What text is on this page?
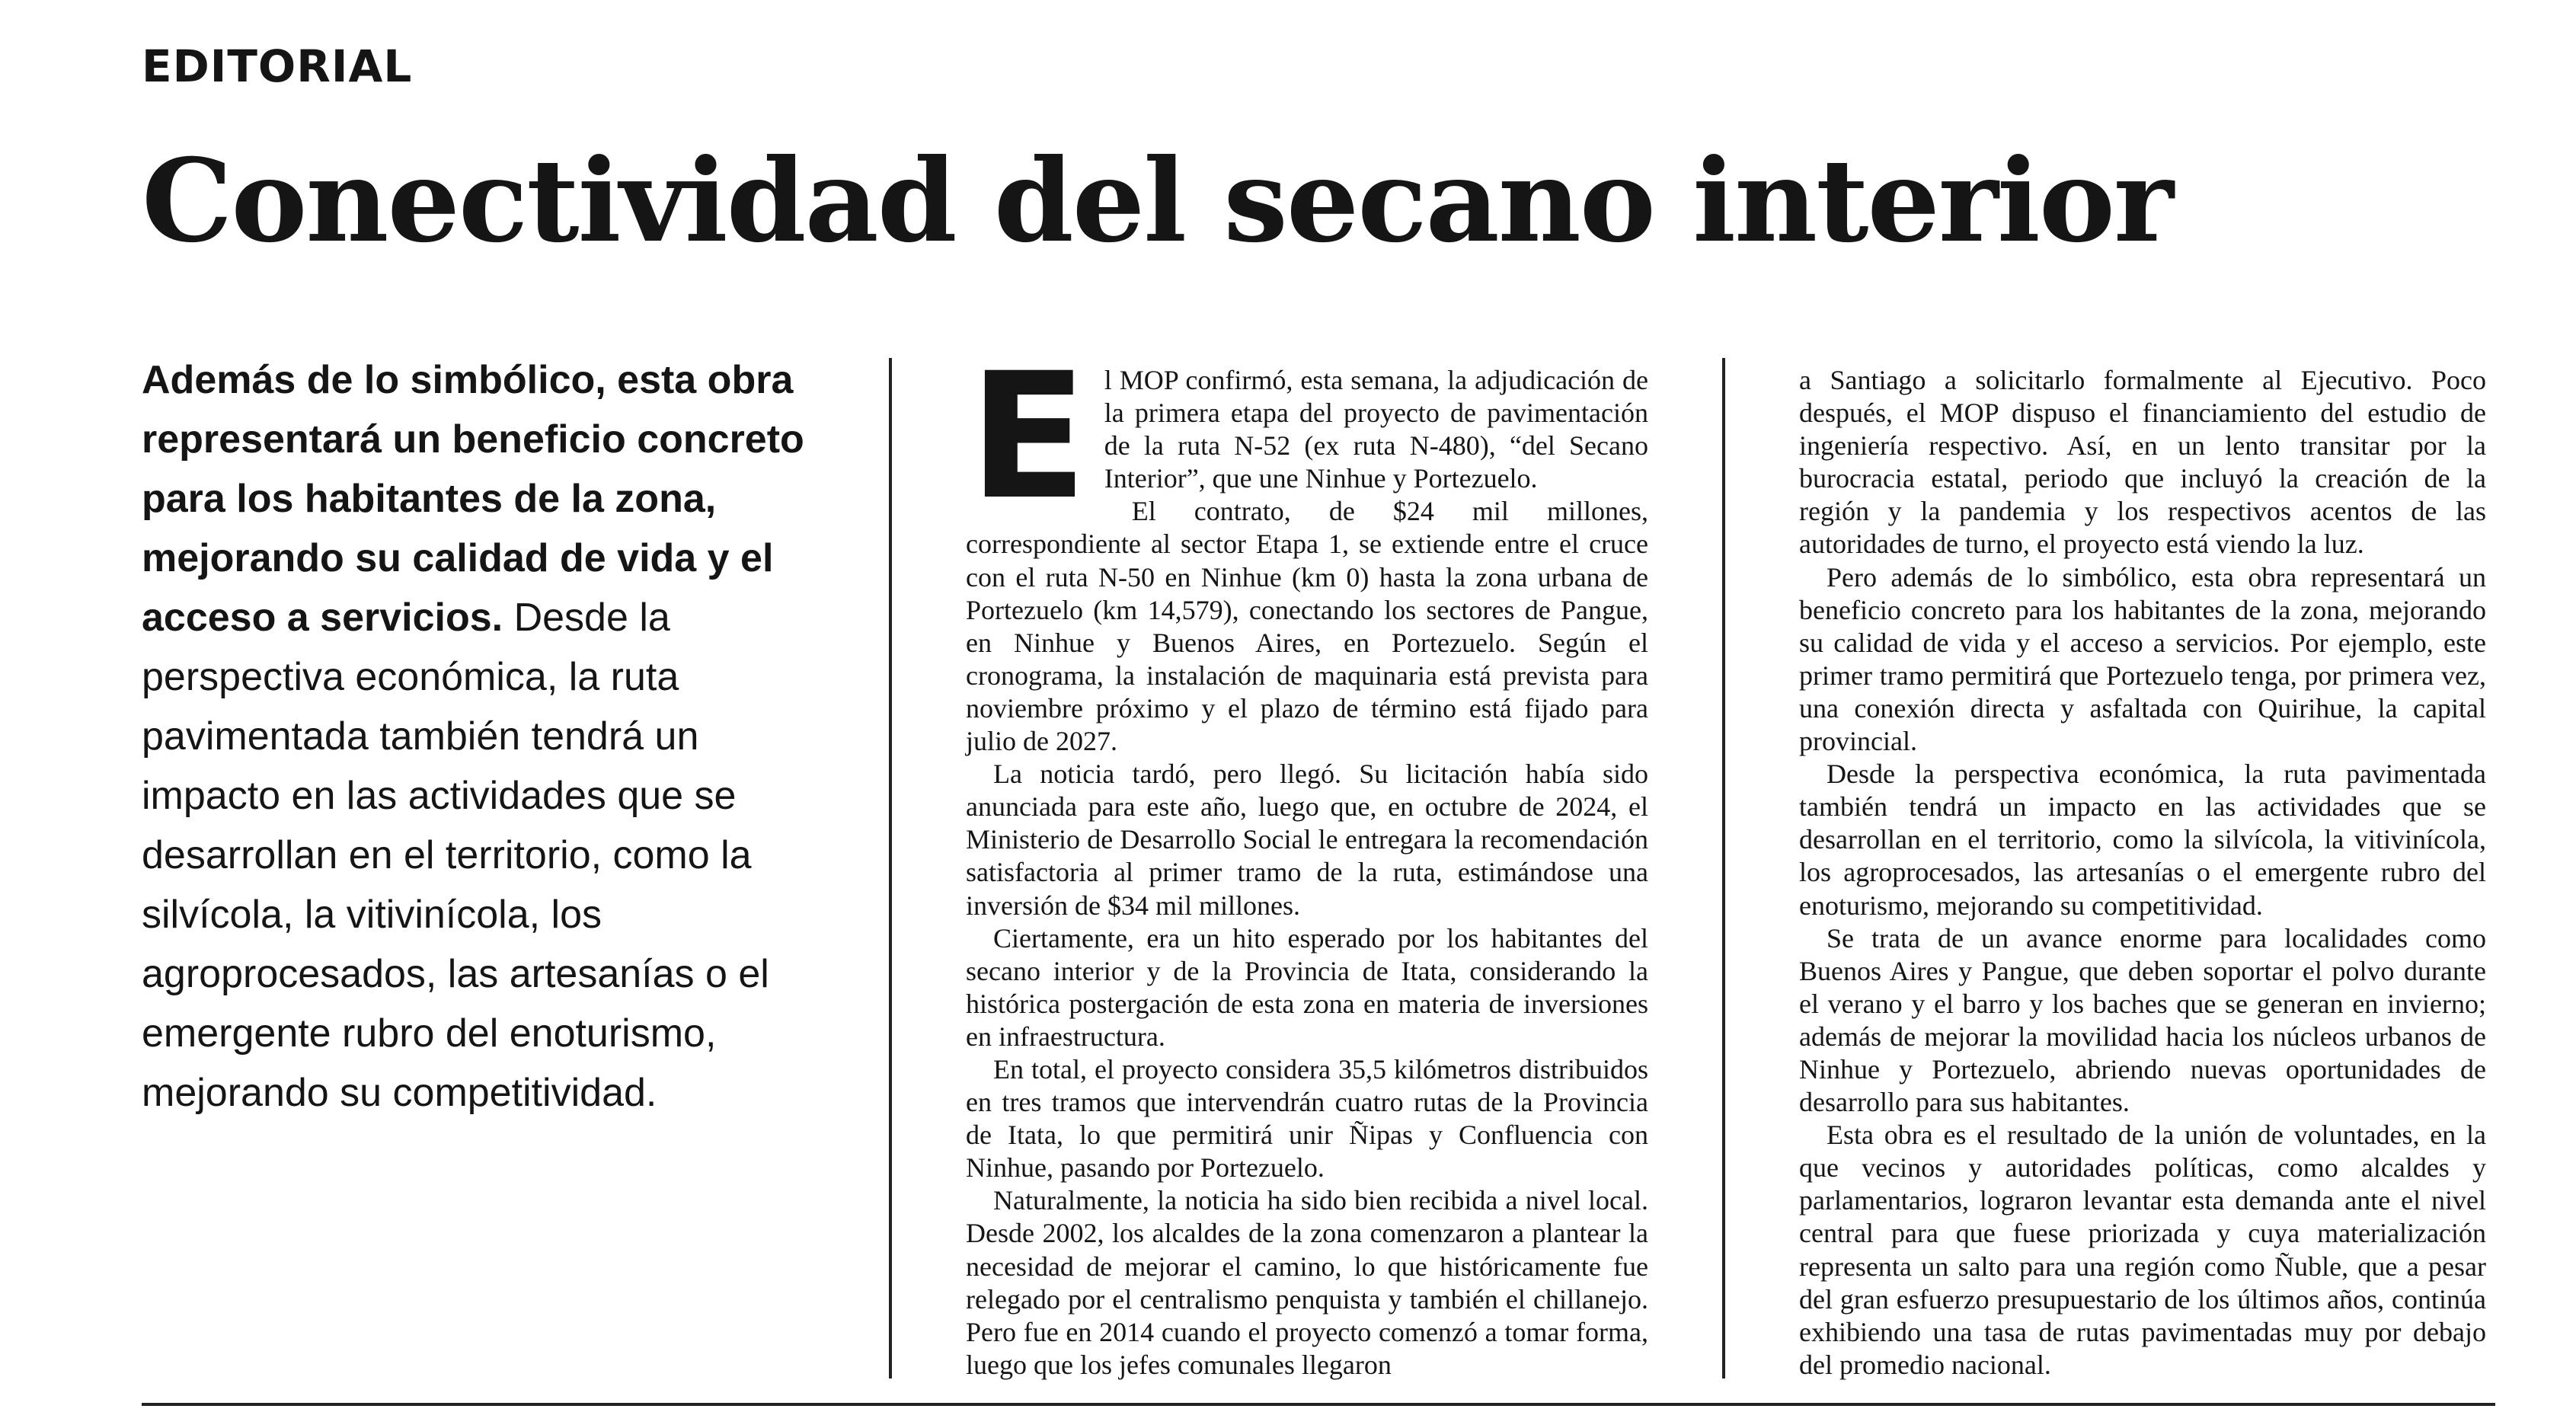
EDITORIAL
Conectividad del secano interior
Además de lo simbólico, esta obra representará un beneficio concreto para los habitantes de la zona, mejorando su calidad de vida y el acceso a servicios. Desde la perspectiva económica, la ruta pavimentada también tendrá un impacto en las actividades que se desarrollan en el territorio, como la silvícola, la vitivinícola, los agroprocesados, las artesanías o el emergente rubro del enoturismo, mejorando su competitividad.

El MOP confirmó, esta semana, la adjudicación de la primera etapa del proyecto de pavimentación de la ruta N-52 (ex ruta N-480), “del Secano Interior”, que une Ninhue y Portezuelo.

El contrato, de $24 mil millones, correspondiente al sector Etapa 1, se extiende entre el cruce con el ruta N-50 en Ninhue (km 0) hasta la zona urbana de Portezuelo (km 14,579), conectando los sectores de Pangue, en Ninhue y Buenos Aires, en Portezuelo. Según el cronograma, la instalación de maquinaria está prevista para noviembre próximo y el plazo de término está fijado para julio de 2027.

La noticia tardó, pero llegó. Su licitación había sido anunciada para este año, luego que, en octubre de 2024, el Ministerio de Desarrollo Social le entregara la recomendación satisfactoria al primer tramo de la ruta, estimándose una inversión de $34 mil millones.

Ciertamente, era un hito esperado por los habitantes del secano interior y de la Provincia de Itata, considerando la histórica postergación de esta zona en materia de inversiones en infraestructura.

En total, el proyecto considera 35,5 kilómetros distribuidos en tres tramos que intervendrán cuatro rutas de la Provincia de Itata, lo que permitirá unir Ñipas y Confluencia con Ninhue, pasando por Portezuelo.

Naturalmente, la noticia ha sido bien recibida a nivel local. Desde 2002, los alcaldes de la zona comenzaron a plantear la necesidad de mejorar el camino, lo que históricamente fue relegado por el centralismo penquista y también el chillanejo. Pero fue en 2014 cuando el proyecto comenzó a tomar forma, luego que los jefes comunales llegaron

a Santiago a solicitarlo formalmente al Ejecutivo. Poco después, el MOP dispuso el financiamiento del estudio de ingeniería respectivo. Así, en un lento transitar por la burocracia estatal, periodo que incluyó la creación de la región y la pandemia y los respectivos acentos de las autoridades de turno, el proyecto está viendo la luz.

Pero además de lo simbólico, esta obra representará un beneficio concreto para los habitantes de la zona, mejorando su calidad de vida y el acceso a servicios. Por ejemplo, este primer tramo permitirá que Portezuelo tenga, por primera vez, una conexión directa y asfaltada con Quirihue, la capital provincial.

Desde la perspectiva económica, la ruta pavimentada también tendrá un impacto en las actividades que se desarrollan en el territorio, como la silvícola, la vitivinícola, los agroprocesados, las artesanías o el emergente rubro del enoturismo, mejorando su competitividad.

Se trata de un avance enorme para localidades como Buenos Aires y Pangue, que deben soportar el polvo durante el verano y el barro y los baches que se generan en invierno; además de mejorar la movilidad hacia los núcleos urbanos de Ninhue y Portezuelo, abriendo nuevas oportunidades de desarrollo para sus habitantes.

Esta obra es el resultado de la unión de voluntades, en la que vecinos y autoridades políticas, como alcaldes y parlamentarios, lograron levantar esta demanda ante el nivel central para que fuese priorizada y cuya materialización representa un salto para una región como Ñuble, que a pesar del gran esfuerzo presupuestario de los últimos años, continúa exhibiendo una tasa de rutas pavimentadas muy por debajo del promedio nacional.
